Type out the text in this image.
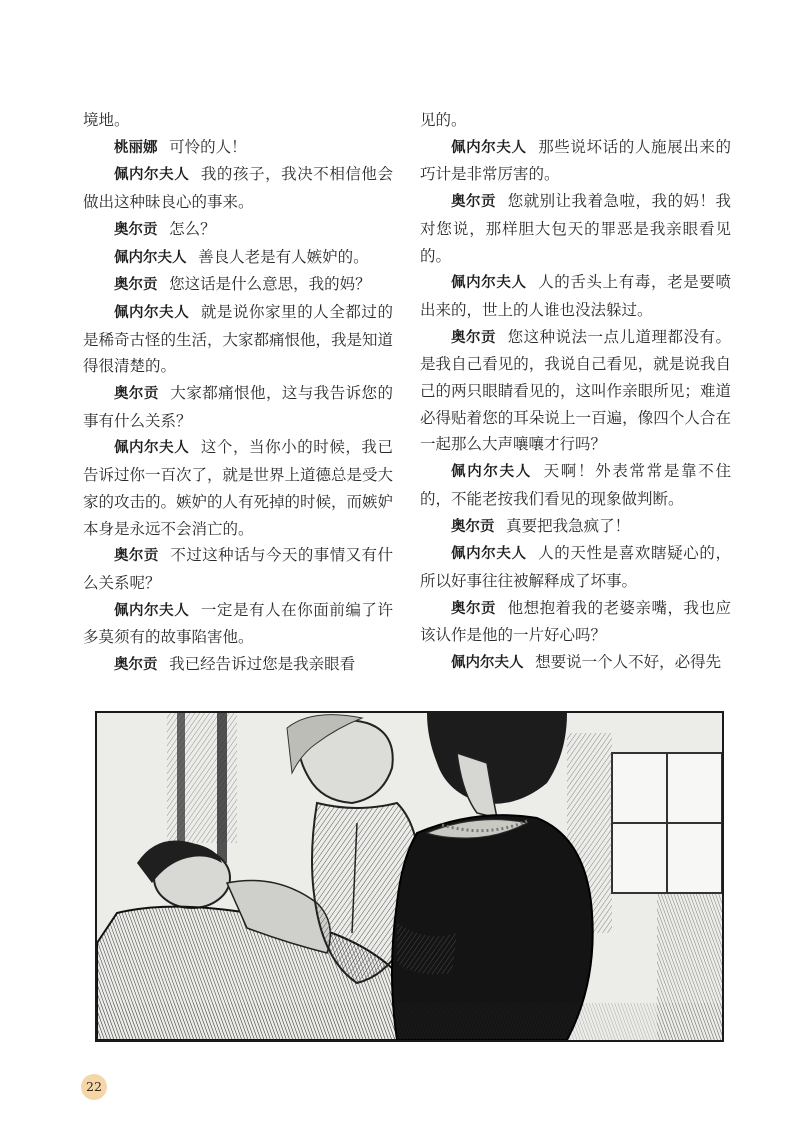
境地。

桃丽娜 可怜的人！

佩内尔夫人 我的孩子，我决不相信他会做出这种昧良心的事来。

奥尔贡 怎么？

佩内尔夫人 善良人老是有人嫉妒的。

奥尔贡 您这话是什么意思，我的妈？

佩内尔夫人 就是说你家里的人全都过的是稀奇古怪的生活，大家都痛恨他，我是知道得很清楚的。

奥尔贡 大家都痛恨他，这与我告诉您的事有什么关系？

佩内尔夫人 这个，当你小的时候，我已告诉过你一百次了，就是世界上道德总是受大家的攻击的。嫉妒的人有死掉的时候，而嫉妒本身是永远不会消亡的。

奥尔贡 不过这种话与今天的事情又有什么关系呢？

佩内尔夫人 一定是有人在你面前编了许多莫须有的故事陷害他。

奥尔贡 我已经告诉过您是我亲眼看

见的。

佩内尔夫人 那些说坏话的人施展出来的巧计是非常厉害的。

奥尔贡 您就别让我着急啦，我的妈！我对您说，那样胆大包天的罪恶是我亲眼看见的。

佩内尔夫人 人的舌头上有毒，老是要喷出来的，世上的人谁也没法躲过。

奥尔贡 您这种说法一点儿道理都没有。是我自己看见的，我说自己看见，就是说我自己的两只眼睛看见的，这叫作亲眼所见；难道必得贴着您的耳朵说上一百遍，像四个人合在一起那么大声嚷嚷才行吗？

佩内尔夫人 天啊！外表常常是靠不住的，不能老按我们看见的现象做判断。

奥尔贡 真要把我急疯了！

佩内尔夫人 人的天性是喜欢瞎疑心的，所以好事往往被解释成了坏事。

奥尔贡 他想抱着我的老婆亲嘴，我也应该认作是他的一片好心吗？

佩内尔夫人 想要说一个人不好，必得先

22
